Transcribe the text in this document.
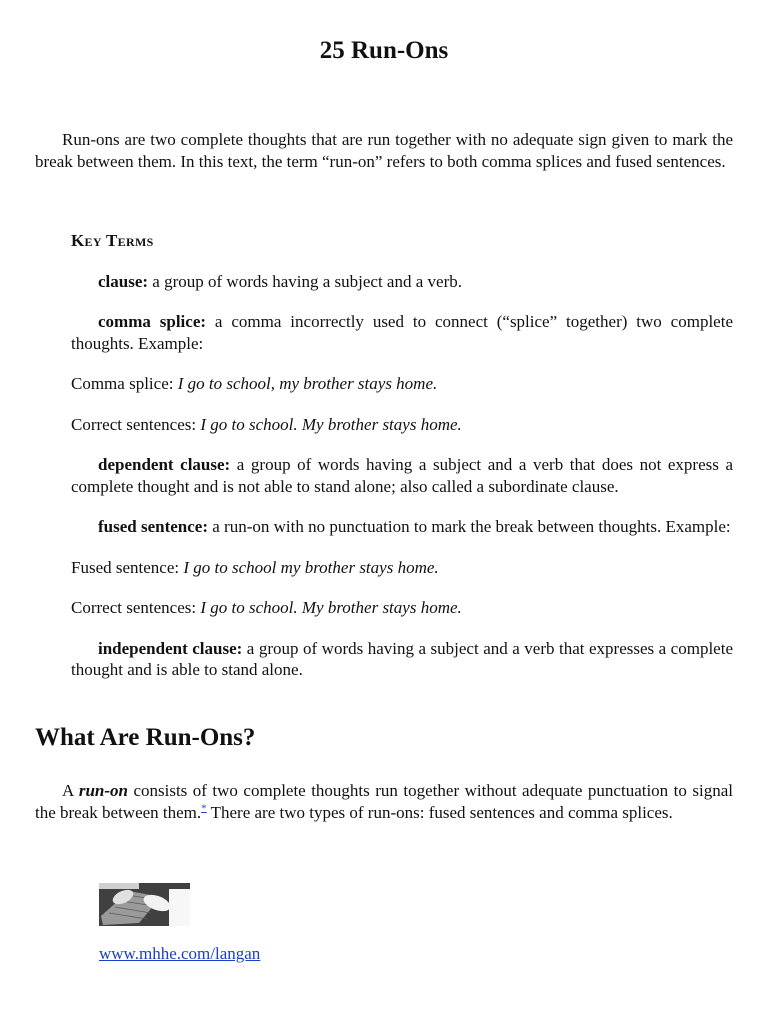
25 Run-Ons

Run-ons are two complete thoughts that are run together with no adequate sign given to mark the break between them. In this text, the term “run-on” refers to both comma splices and fused sentences.

Key Terms

clause: a group of words having a subject and a verb.

comma splice: a comma incorrectly used to connect (“splice” together) two complete thoughts. Example:

Comma splice: I go to school, my brother stays home.

Correct sentences: I go to school. My brother stays home.

dependent clause: a group of words having a subject and a verb that does not express a complete thought and is not able to stand alone; also called a subordinate clause.

fused sentence: a run-on with no punctuation to mark the break between thoughts. Example:

Fused sentence: I go to school my brother stays home.

Correct sentences: I go to school. My brother stays home.

independent clause: a group of words having a subject and a verb that expresses a complete thought and is able to stand alone.

What Are Run-Ons?

A run-on consists of two complete thoughts run together without adequate punctuation to signal the break between them.* There are two types of run-ons: fused sentences and comma splices.

www.mhhe.com/langan
